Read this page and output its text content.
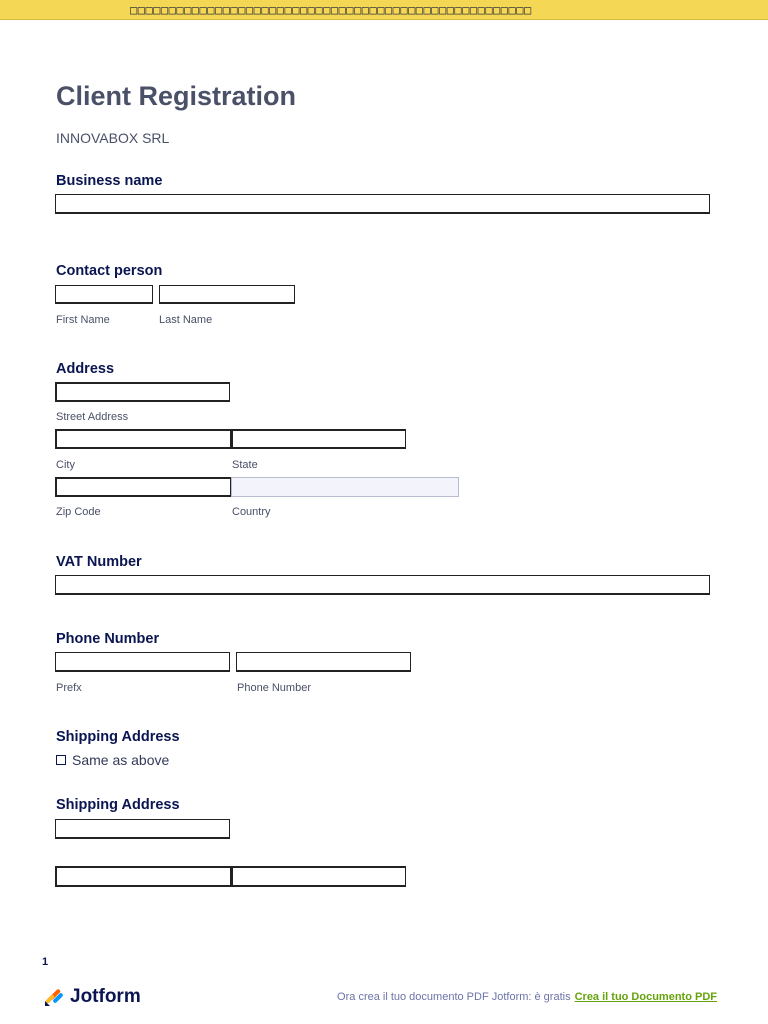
□□□□□□□□□□□□□□□□□□□□□□□□□□□□□□□□□□□□□□□□□□□□□□□□□□□□
Client Registration
INNOVABOX SRL
Business name
Contact person
First Name	Last Name
Address
Street Address
City	State
Zip Code	Country
VAT Number
Phone Number
Prefx	Phone Number
Shipping Address
Same as above
Shipping Address
1
Jotform	Ora crea il tuo documento PDF Jotform: è gratis Crea il tuo Documento PDF
